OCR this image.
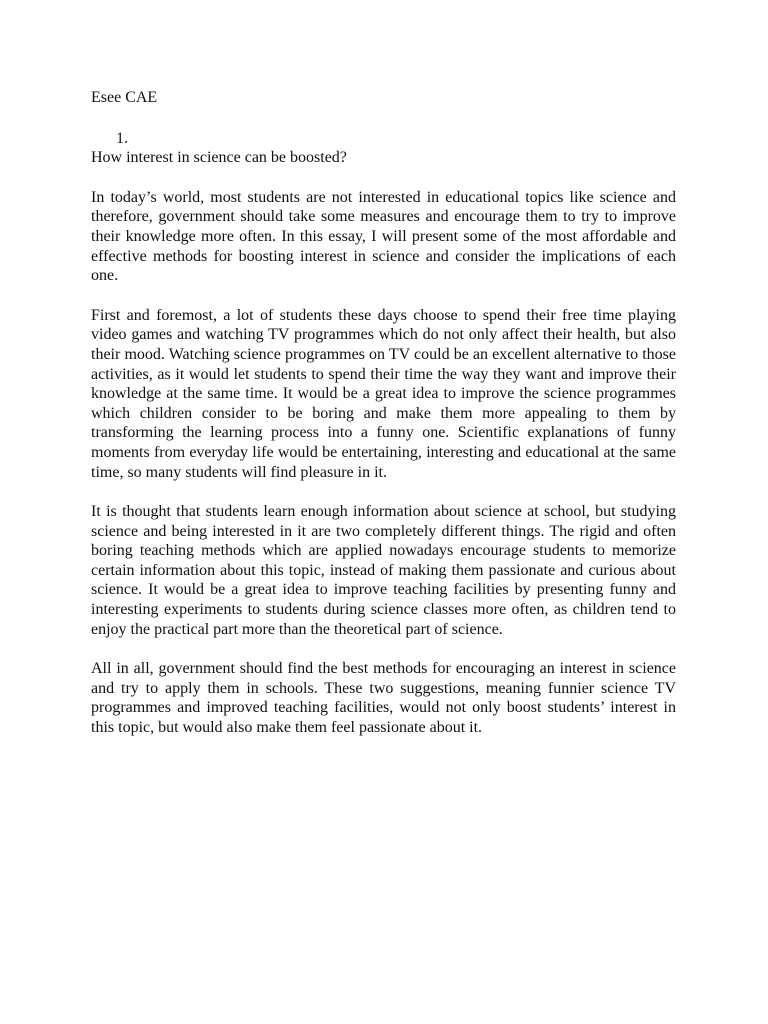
Esee CAE
1.

How interest in science can be boosted?

In today’s world, most students are not interested in educational topics like science and therefore, government should take some measures and encourage them to try to improve their knowledge more often. In this essay, I will present some of the most affordable and effective methods for boosting interest in science and consider the implications of each one.

First and foremost, a lot of students these days choose to spend their free time playing video games and watching TV programmes which do not only affect their health, but also their mood. Watching science programmes on TV could be an excellent alternative to those activities, as it would let students to spend their time the way they want and improve their knowledge at the same time. It would be a great idea to improve the science programmes which children consider to be boring and make them more appealing to them by transforming the learning process into a funny one. Scientific explanations of funny moments from everyday life would be entertaining, interesting and educational at the same time, so many students will find pleasure in it.

It is thought that students learn enough information about science at school, but studying science and being interested in it are two completely different things. The rigid and often boring teaching methods which are applied nowadays encourage students to memorize certain information about this topic, instead of making them passionate and curious about science. It would be a great idea to improve teaching facilities by presenting funny and interesting experiments to students during science classes more often, as children tend to enjoy the practical part more than the theoretical part of science.

All in all, government should find the best methods for encouraging an interest in science and try to apply them in schools. These two suggestions, meaning funnier science TV programmes and improved teaching facilities, would not only boost students’ interest in this topic, but would also make them feel passionate about it.
